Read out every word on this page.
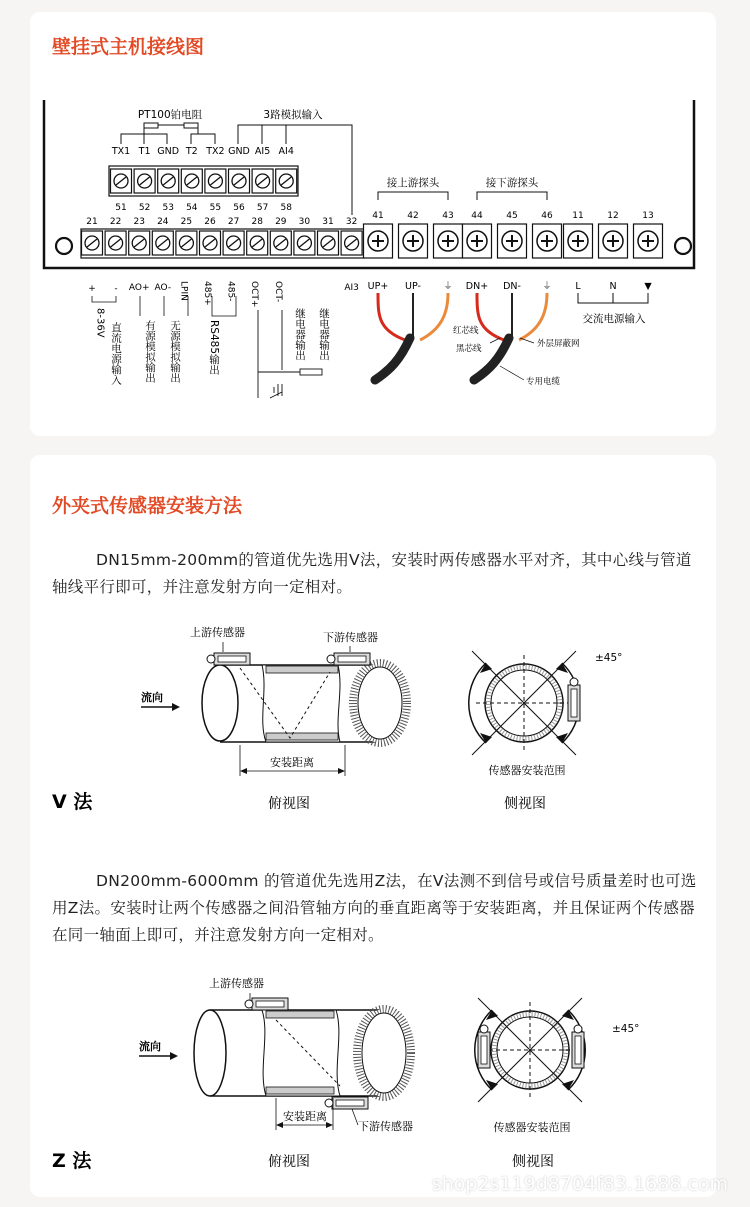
壁挂式主机接线图
PT100铂电阻	3路模拟输入
TX1 T1 GND T2 TX2 GND AI5 AI4
51 52 53 54 55 56 57 58
21 22 23 24 25 26 27 28 29 30 31 32
AO+ AO- LPIN 485+ 485- OCT+ OCT-	AI3
接上游探头	接下游探头
41	42	43 44	45	46 11	12	13
UP+ UP- ⏚ DN+ DN- ⏚ L	N	▼
交流电源输入
+ -
8-36V 直流电源输入 有源模拟输出 无源模拟输出	RS485输出	继电器输出 继电器输出	红芯线
黑芯线	外层屏蔽网
专用电缆
外夹式传感器安装方法

DN15mm-200mm的管道优先选用V法，安装时两传感器水平对齐，其中心线与管道轴线平行即可，并注意发射方向一定相对。

DN200mm-6000mm 的管道优先选用Z法，在V法测不到信号或信号质量差时也可选用Z法。安装时让两个传感器之间沿管轴方向的垂直距离等于安装距离，并且保证两个传感器在同一轴面上即可，并注意发射方向一定相对。

上游传感器	下游传感器
流向
安装距离
±45°
传感器安装范围
V 法	俯视图	侧视图
上游传感器
流向
安装距离
下游传感器
±45°
传感器安装范围
Z 法	俯视图	侧视图
shop2s119d8704f83.1688.com
